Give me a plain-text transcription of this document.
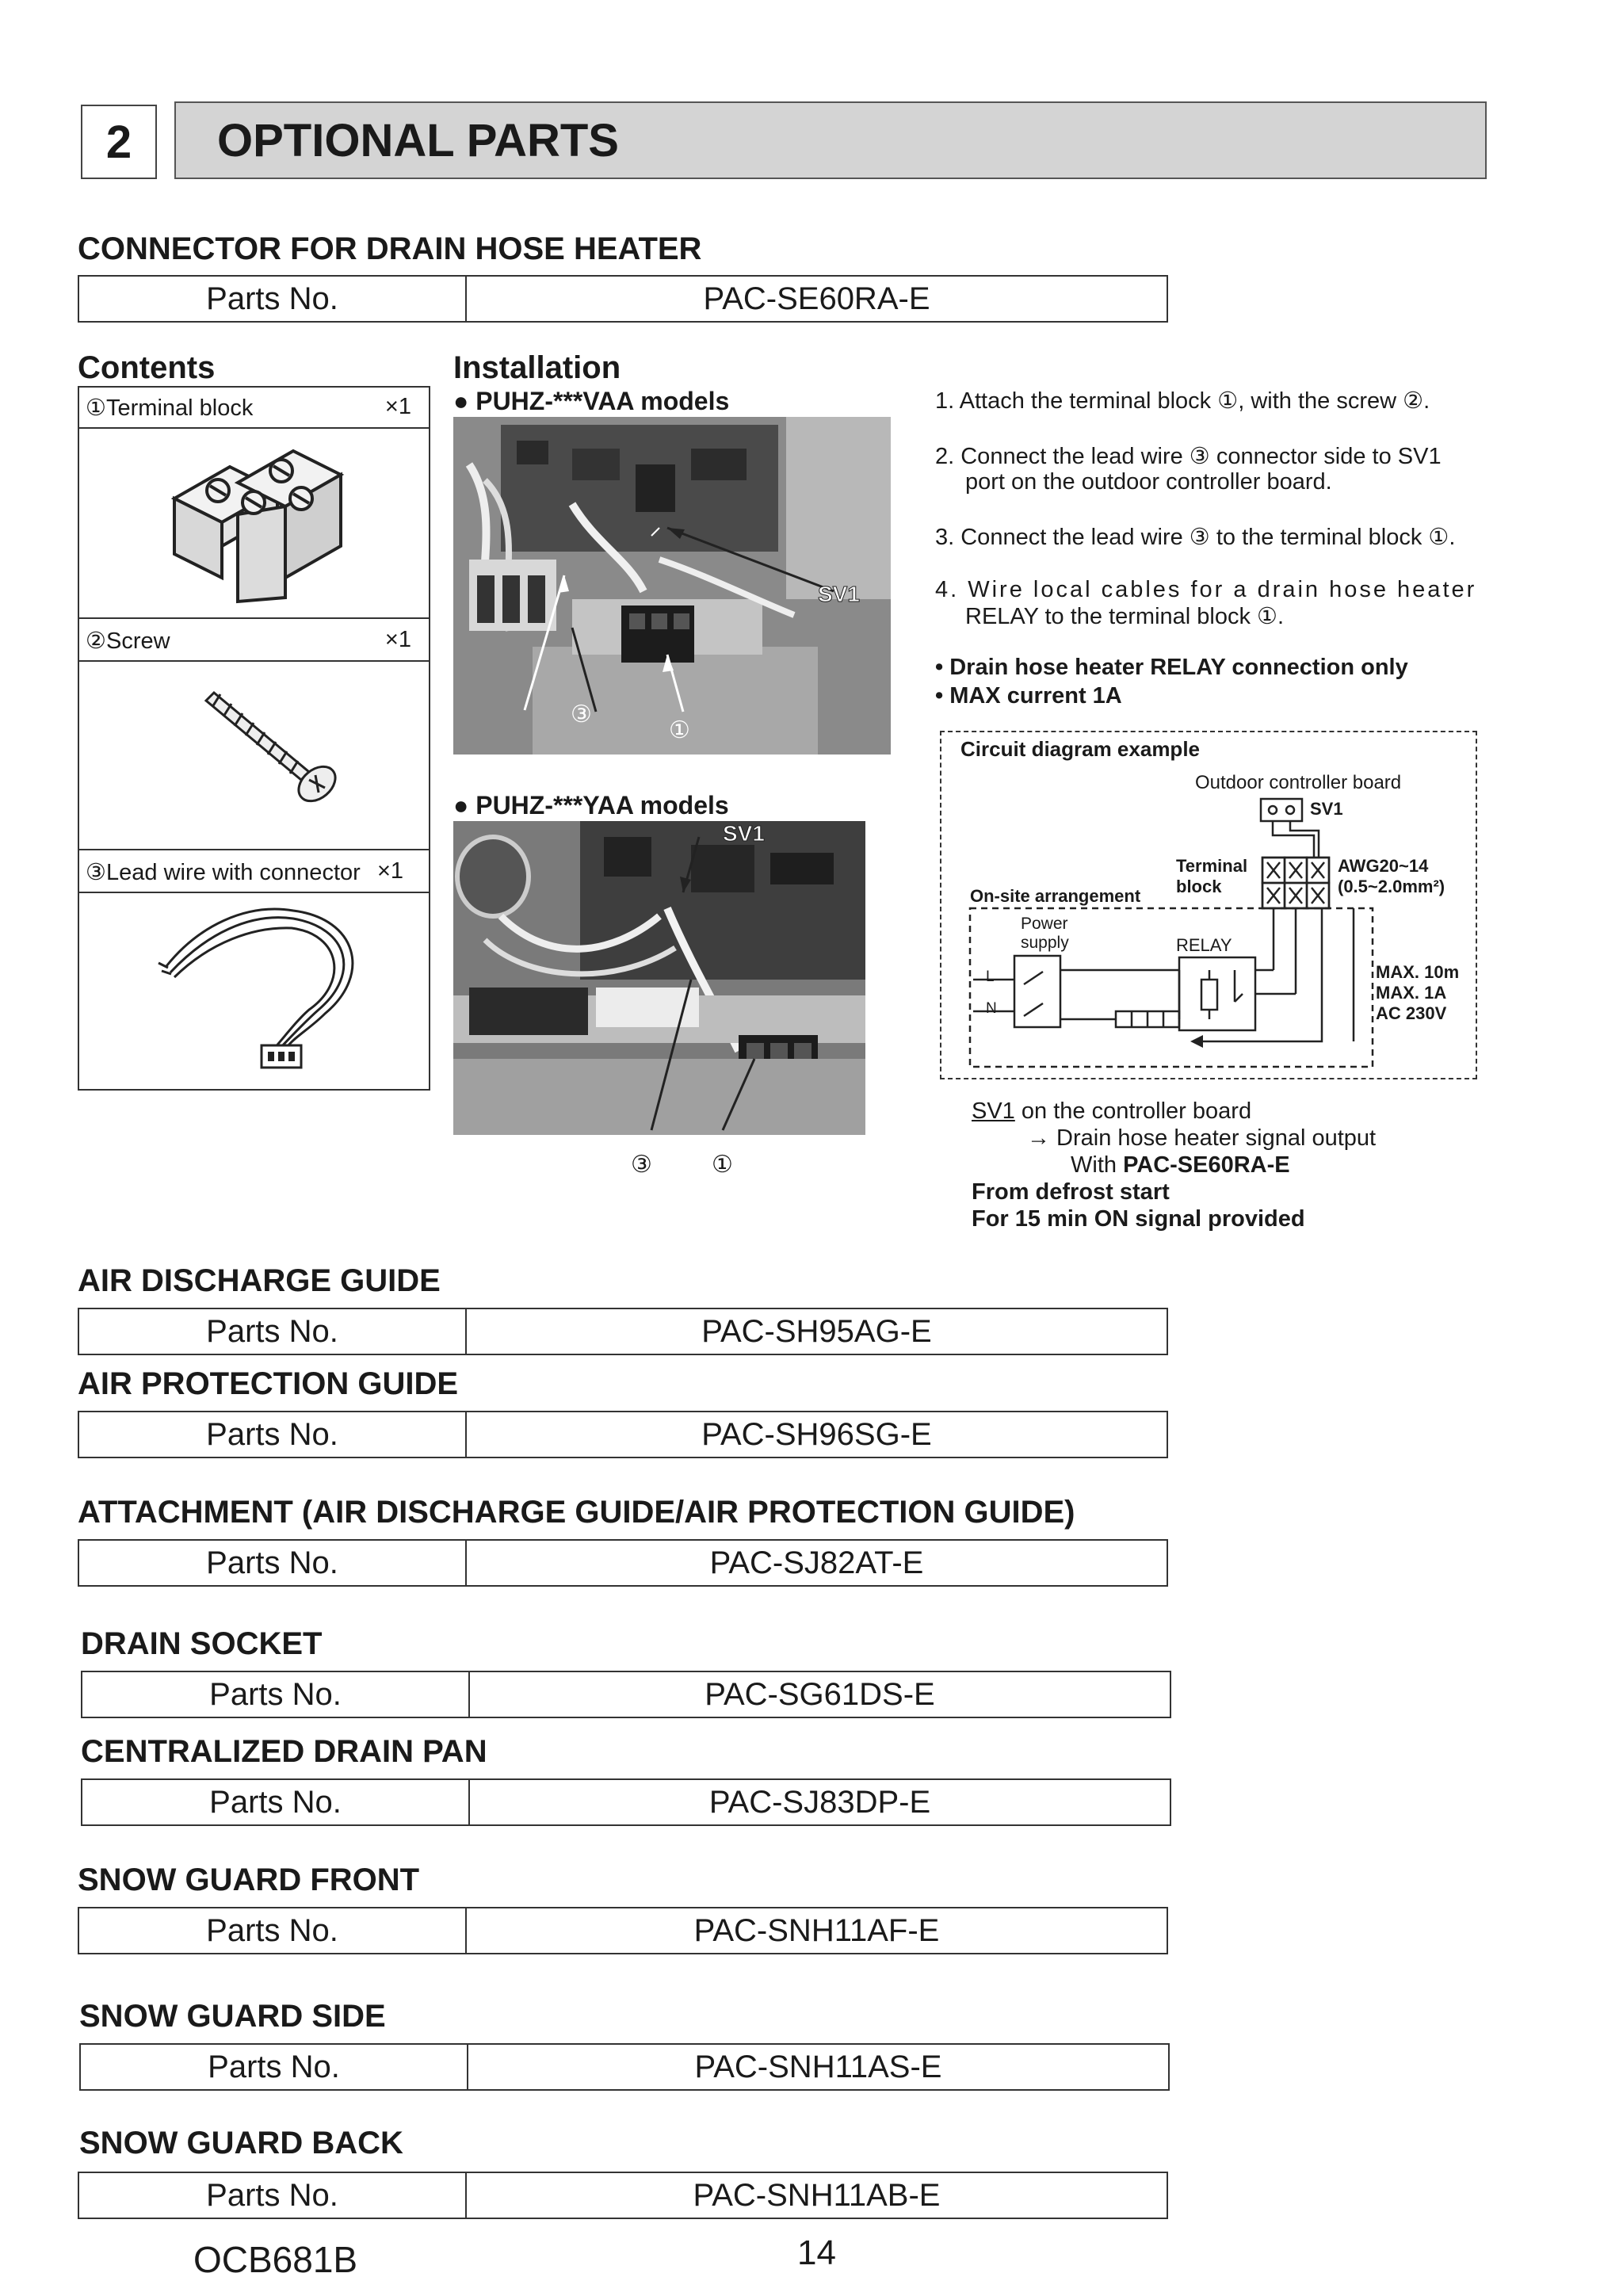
2	OPTIONAL PARTS
CONNECTOR FOR DRAIN HOSE HEATER
Parts No.	PAC-SE60RA-E
Contents
①Terminal block	×1
②Screw	×1
③Lead wire with connector ×1
Installation
● PUHZ-***VAA models
SV1
③
①
● PUHZ-***YAA models
SV1
③	①
1. Attach the terminal block ①, with the screw ②.
2. Connect the lead wire ③ connector side to SV1
port on the outdoor controller board.
3. Connect the lead wire ③ to the terminal block ①.
4. Wire local cables for a drain hose heater
RELAY to the terminal block ①.
• Drain hose heater RELAY connection only
• MAX current 1A
Circuit diagram example
Outdoor controller board
SV1
Terminal
block
AWG20~14
(0.5~2.0mm²)
On-site arrangement
Power
supply	RELAY
L
N
MAX. 10m
MAX. 1A
AC 230V
SV1 on the controller board
→ Drain hose heater signal output
With PAC-SE60RA-E
From defrost start
For 15 min ON signal provided
AIR DISCHARGE GUIDE
Parts No.	PAC-SH95AG-E
AIR PROTECTION GUIDE
Parts No.	PAC-SH96SG-E
ATTACHMENT (AIR DISCHARGE GUIDE/AIR PROTECTION GUIDE)
Parts No.	PAC-SJ82AT-E
DRAIN SOCKET
Parts No.	PAC-SG61DS-E
CENTRALIZED DRAIN PAN
Parts No.	PAC-SJ83DP-E
SNOW GUARD FRONT
Parts No.	PAC-SNH11AF-E
SNOW GUARD SIDE
Parts No.	PAC-SNH11AS-E
SNOW GUARD BACK
Parts No.	PAC-SNH11AB-E
OCB681B	14
